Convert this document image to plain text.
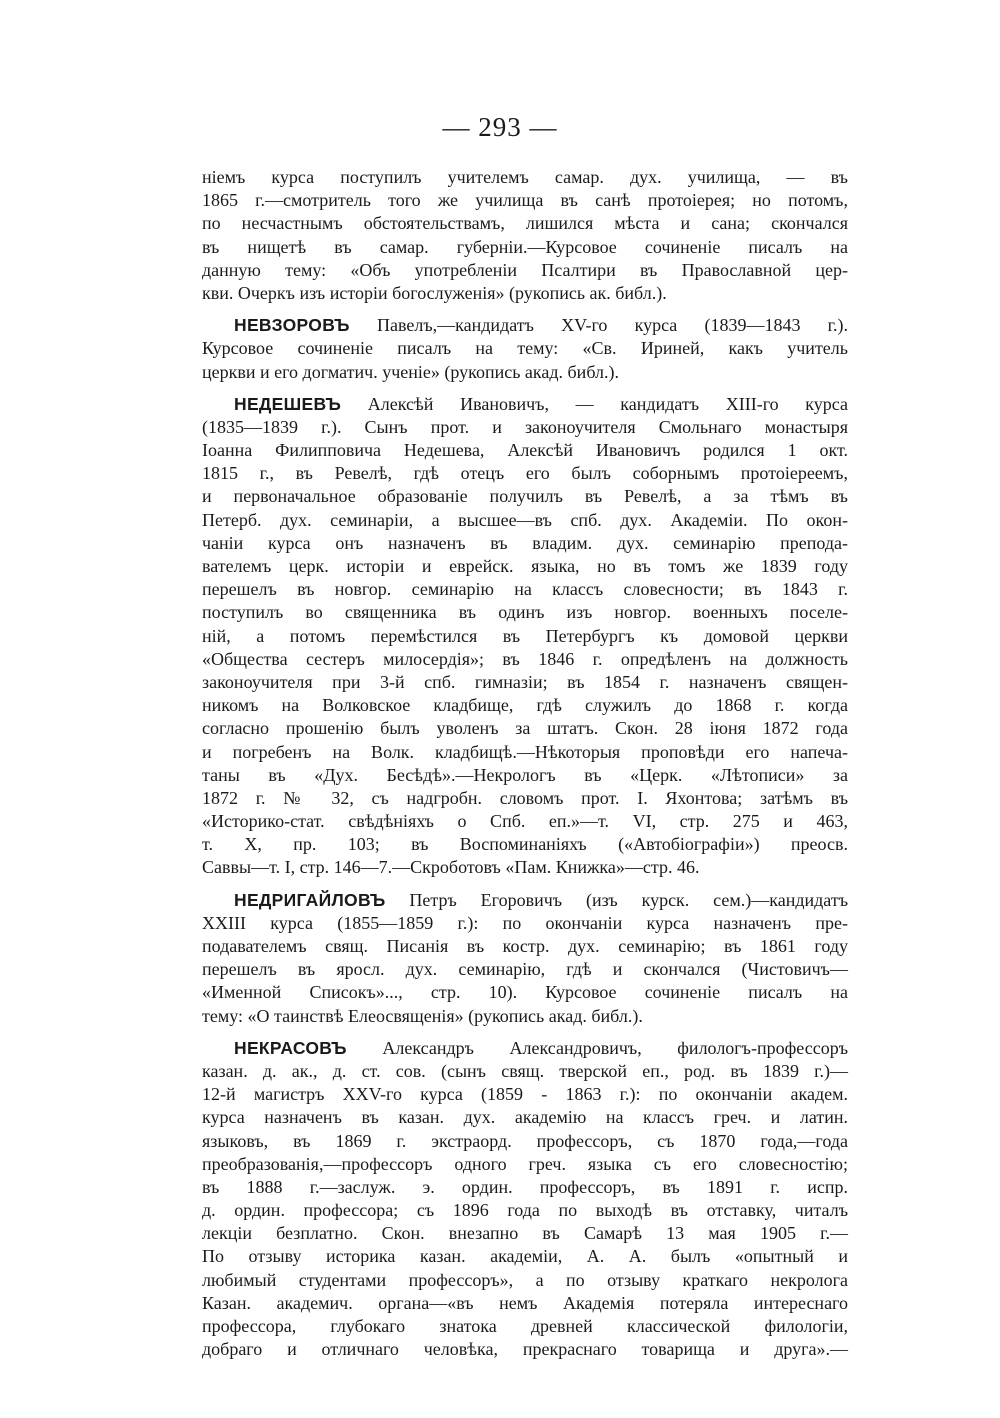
— 293 —
ніемъ курса поступилъ учителемъ самар. дух. училища, — въ
1865 г.—смотритель того же училища въ санѣ протоіерея; но потомъ,
по несчастнымъ обстоятельствамъ, лишился мѣста и сана; скончался
въ нищетѣ въ самар. губерніи.—Курсовое сочиненіе писалъ на
данную тему: «Объ употребленіи Псалтири въ Православной цер-
кви. Очеркъ изъ исторіи богослуженія» (рукопись ак. библ.).
НЕВЗОРОВЪ Павелъ,—кандидатъ XV-го курса (1839—1843 г.).
Курсовое сочиненіе писалъ на тему: «Св. Ириней, какъ учитель
церкви и его догматич. ученіе» (рукопись акад. библ.).
НЕДЕШЕВЪ Алексѣй Ивановичъ, — кандидатъ XIII-го курса
(1835—1839 г.). Сынъ прот. и законоучителя Смольнаго монастыря
Іоанна Филипповича Недешева, Алексѣй Ивановичъ родился 1 окт.
1815 г., въ Ревелѣ, гдѣ отецъ его былъ соборнымъ протоіереемъ,
и первоначальное образованіе получилъ въ Ревелѣ, а за тѣмъ въ
Петерб. дух. семинаріи, а высшее—въ спб. дух. Академіи. По окон-
чаніи курса онъ назначенъ въ владим. дух. семинарію препода-
вателемъ церк. исторіи и еврейск. языка, но въ томъ же 1839 году
перешелъ въ новгор. семинарію на классъ словесности; въ 1843 г.
поступилъ во священника въ одинъ изъ новгор. военныхъ поселе-
ній, а потомъ перемѣстился въ Петербургъ къ домовой церкви
«Общества сестеръ милосердія»; въ 1846 г. опредѣленъ на должность
законоучителя при 3-й спб. гимназіи; въ 1854 г. назначенъ священ-
никомъ на Волковское кладбище, гдѣ служилъ до 1868 г. когда
согласно прошенію былъ уволенъ за штатъ. Скон. 28 іюня 1872 года
и погребенъ на Волк. кладбищѣ.—Нѣкоторыя проповѣди его напеча-
таны въ «Дух. Бесѣдѣ».—Некрологъ въ «Церк. «Лѣтописи» за
1872 г. № 32, съ надгробн. словомъ прот. І. Яхонтова; затѣмъ въ
«Историко-стат. свѣдѣніяхъ о Спб. еп.»—т. VI, стр. 275 и 463,
т. X, пр. 103; въ Воспоминаніяхъ («Автобіографіи») преосв.
Саввы—т. I, стр. 146—7.—Скроботовъ «Пам. Книжка»—стр. 46.
НЕДРИГАЙЛОВЪ Петръ Егоровичъ (изъ курск. сем.)—кандидатъ
XXIII курса (1855—1859 г.): по окончаніи курса назначенъ пре-
подавателемъ свящ. Писанія въ костр. дух. семинарію; въ 1861 году
перешелъ въ яросл. дух. семинарію, гдѣ и скончался (Чистовичъ—
«Именной Списокъ»..., стр. 10). Курсовое сочиненіе писалъ на
тему: «О таинствѣ Елеосвященія» (рукопись акад. библ.).
НЕКРАСОВЪ Александръ Александровичъ, филологъ-профессоръ
казан. д. ак., д. ст. сов. (сынъ свящ. тверской еп., род. въ 1839 г.)—
12-й магистръ XXV-го курса (1859 - 1863 г.): по окончаніи академ.
курса назначенъ въ казан. дух. академію на классъ греч. и латин.
языковъ, въ 1869 г. экстраорд. профессоръ, съ 1870 года,—года
преобразованія,—профессоръ одного греч. языка съ его словесностію;
въ 1888 г.—заслуж. э. ордин. профессоръ, въ 1891 г. испр.
д. ордин. профессора; съ 1896 года по выходѣ въ отставку, читалъ
лекціи безплатно. Скон. внезапно въ Самарѣ 13 мая 1905 г.—
По отзыву историка казан. академіи, А. А. былъ «опытный и
любимый студентами профессоръ», а по отзыву краткаго некролога
Казан. академич. органа—«въ немъ Академія потеряла интереснаго
профессора, глубокаго знатока древней классической филологіи,
добраго и отличнаго человѣка, прекраснаго товарища и друга».—
